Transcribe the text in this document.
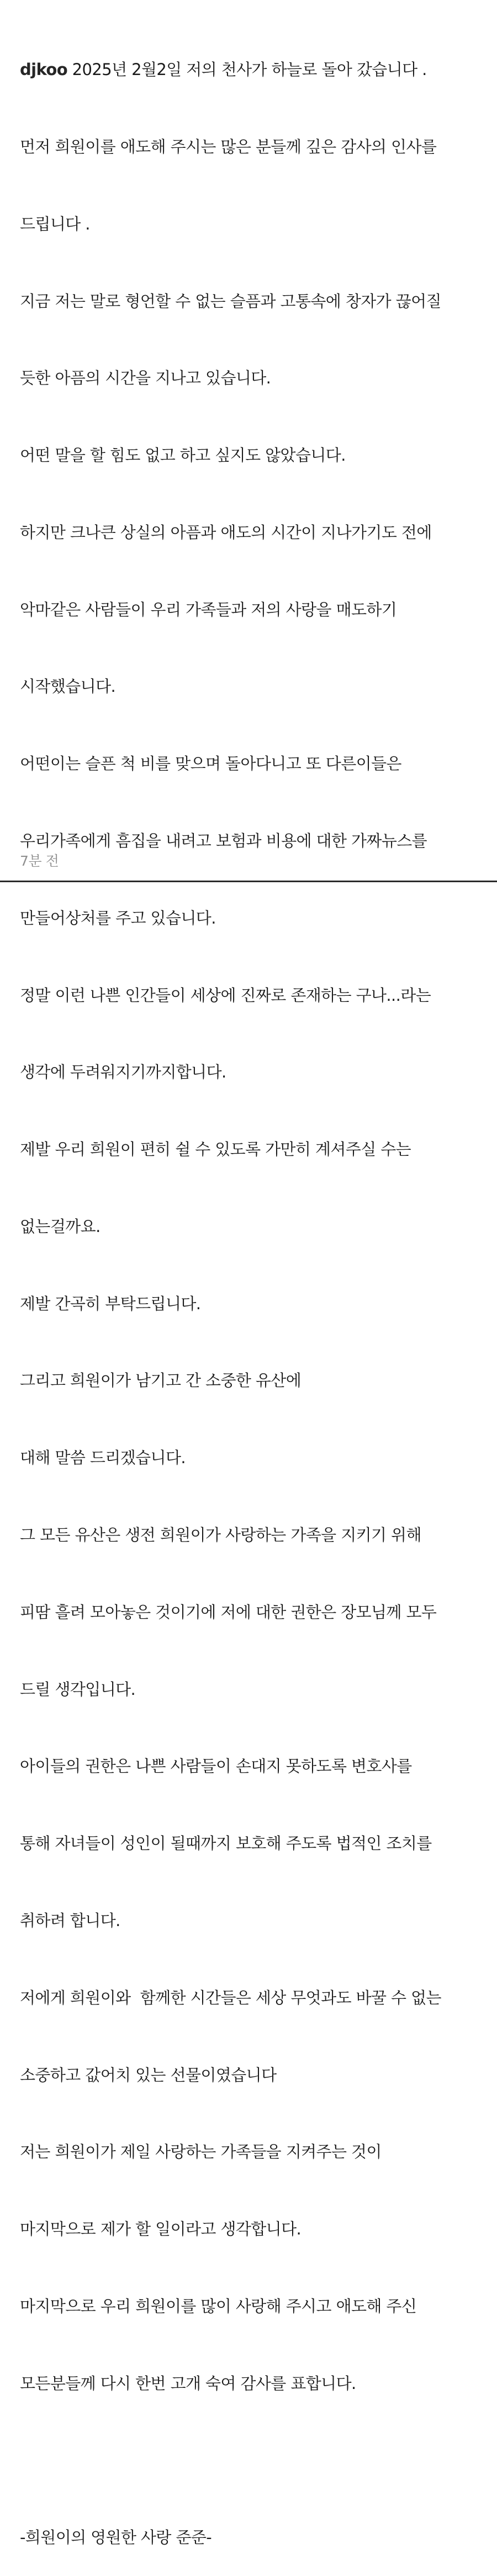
djkoo 2025년 2월2일 저의 천사가 하늘로 돌아 갔습니다 .

먼저 희원이를 애도해 주시는 많은 분들께 깊은 감사의 인사를

드립니다 .

지금 저는 말로 형언할 수 없는 슬픔과 고통속에 창자가 끊어질

듯한 아픔의 시간을 지나고 있습니다.

어떤 말을 할 힘도 없고 하고 싶지도 않았습니다.

하지만 크나큰 상실의 아픔과 애도의 시간이 지나가기도 전에

악마같은 사람들이 우리 가족들과 저의 사랑을 매도하기

시작했습니다.

어떤이는 슬픈 척 비를 맞으며 돌아다니고 또 다른이들은

우리가족에게 흠집을 내려고 보험과 비용에 대한 가짜뉴스를

만들어상처를 주고 있습니다.

정말 이런 나쁜 인간들이 세상에 진짜로 존재하는 구나...라는

생각에 두려워지기까지합니다.

제발 우리 희원이 편히 쉴 수 있도록 가만히 계셔주실 수는

없는걸까요.

제발 간곡히 부탁드립니다.

그리고 희원이가 남기고 간 소중한 유산에

대해 말씀 드리겠습니다.

그 모든 유산은 생전 희원이가 사랑하는 가족을 지키기 위해

피땀 흘려 모아놓은 것이기에 저에 대한 권한은 장모님께 모두

드릴 생각입니다.

아이들의 권한은 나쁜 사람들이 손대지 못하도록 변호사를

통해 자녀들이 성인이 될때까지 보호해 주도록 법적인 조치를

취하려 합니다.

저에게 희원이와  함께한 시간들은 세상 무엇과도 바꿀 수 없는

소중하고 값어치 있는 선물이였습니다

저는 희원이가 제일 사랑하는 가족들을 지켜주는 것이

마지막으로 제가 할 일이라고 생각합니다.

마지막으로 우리 희원이를 많이 사랑해 주시고 애도해 주신

모든분들께 다시 한번 고개 숙여 감사를 표합니다.

-희원이의 영원한 사랑 준준-

7분 전
